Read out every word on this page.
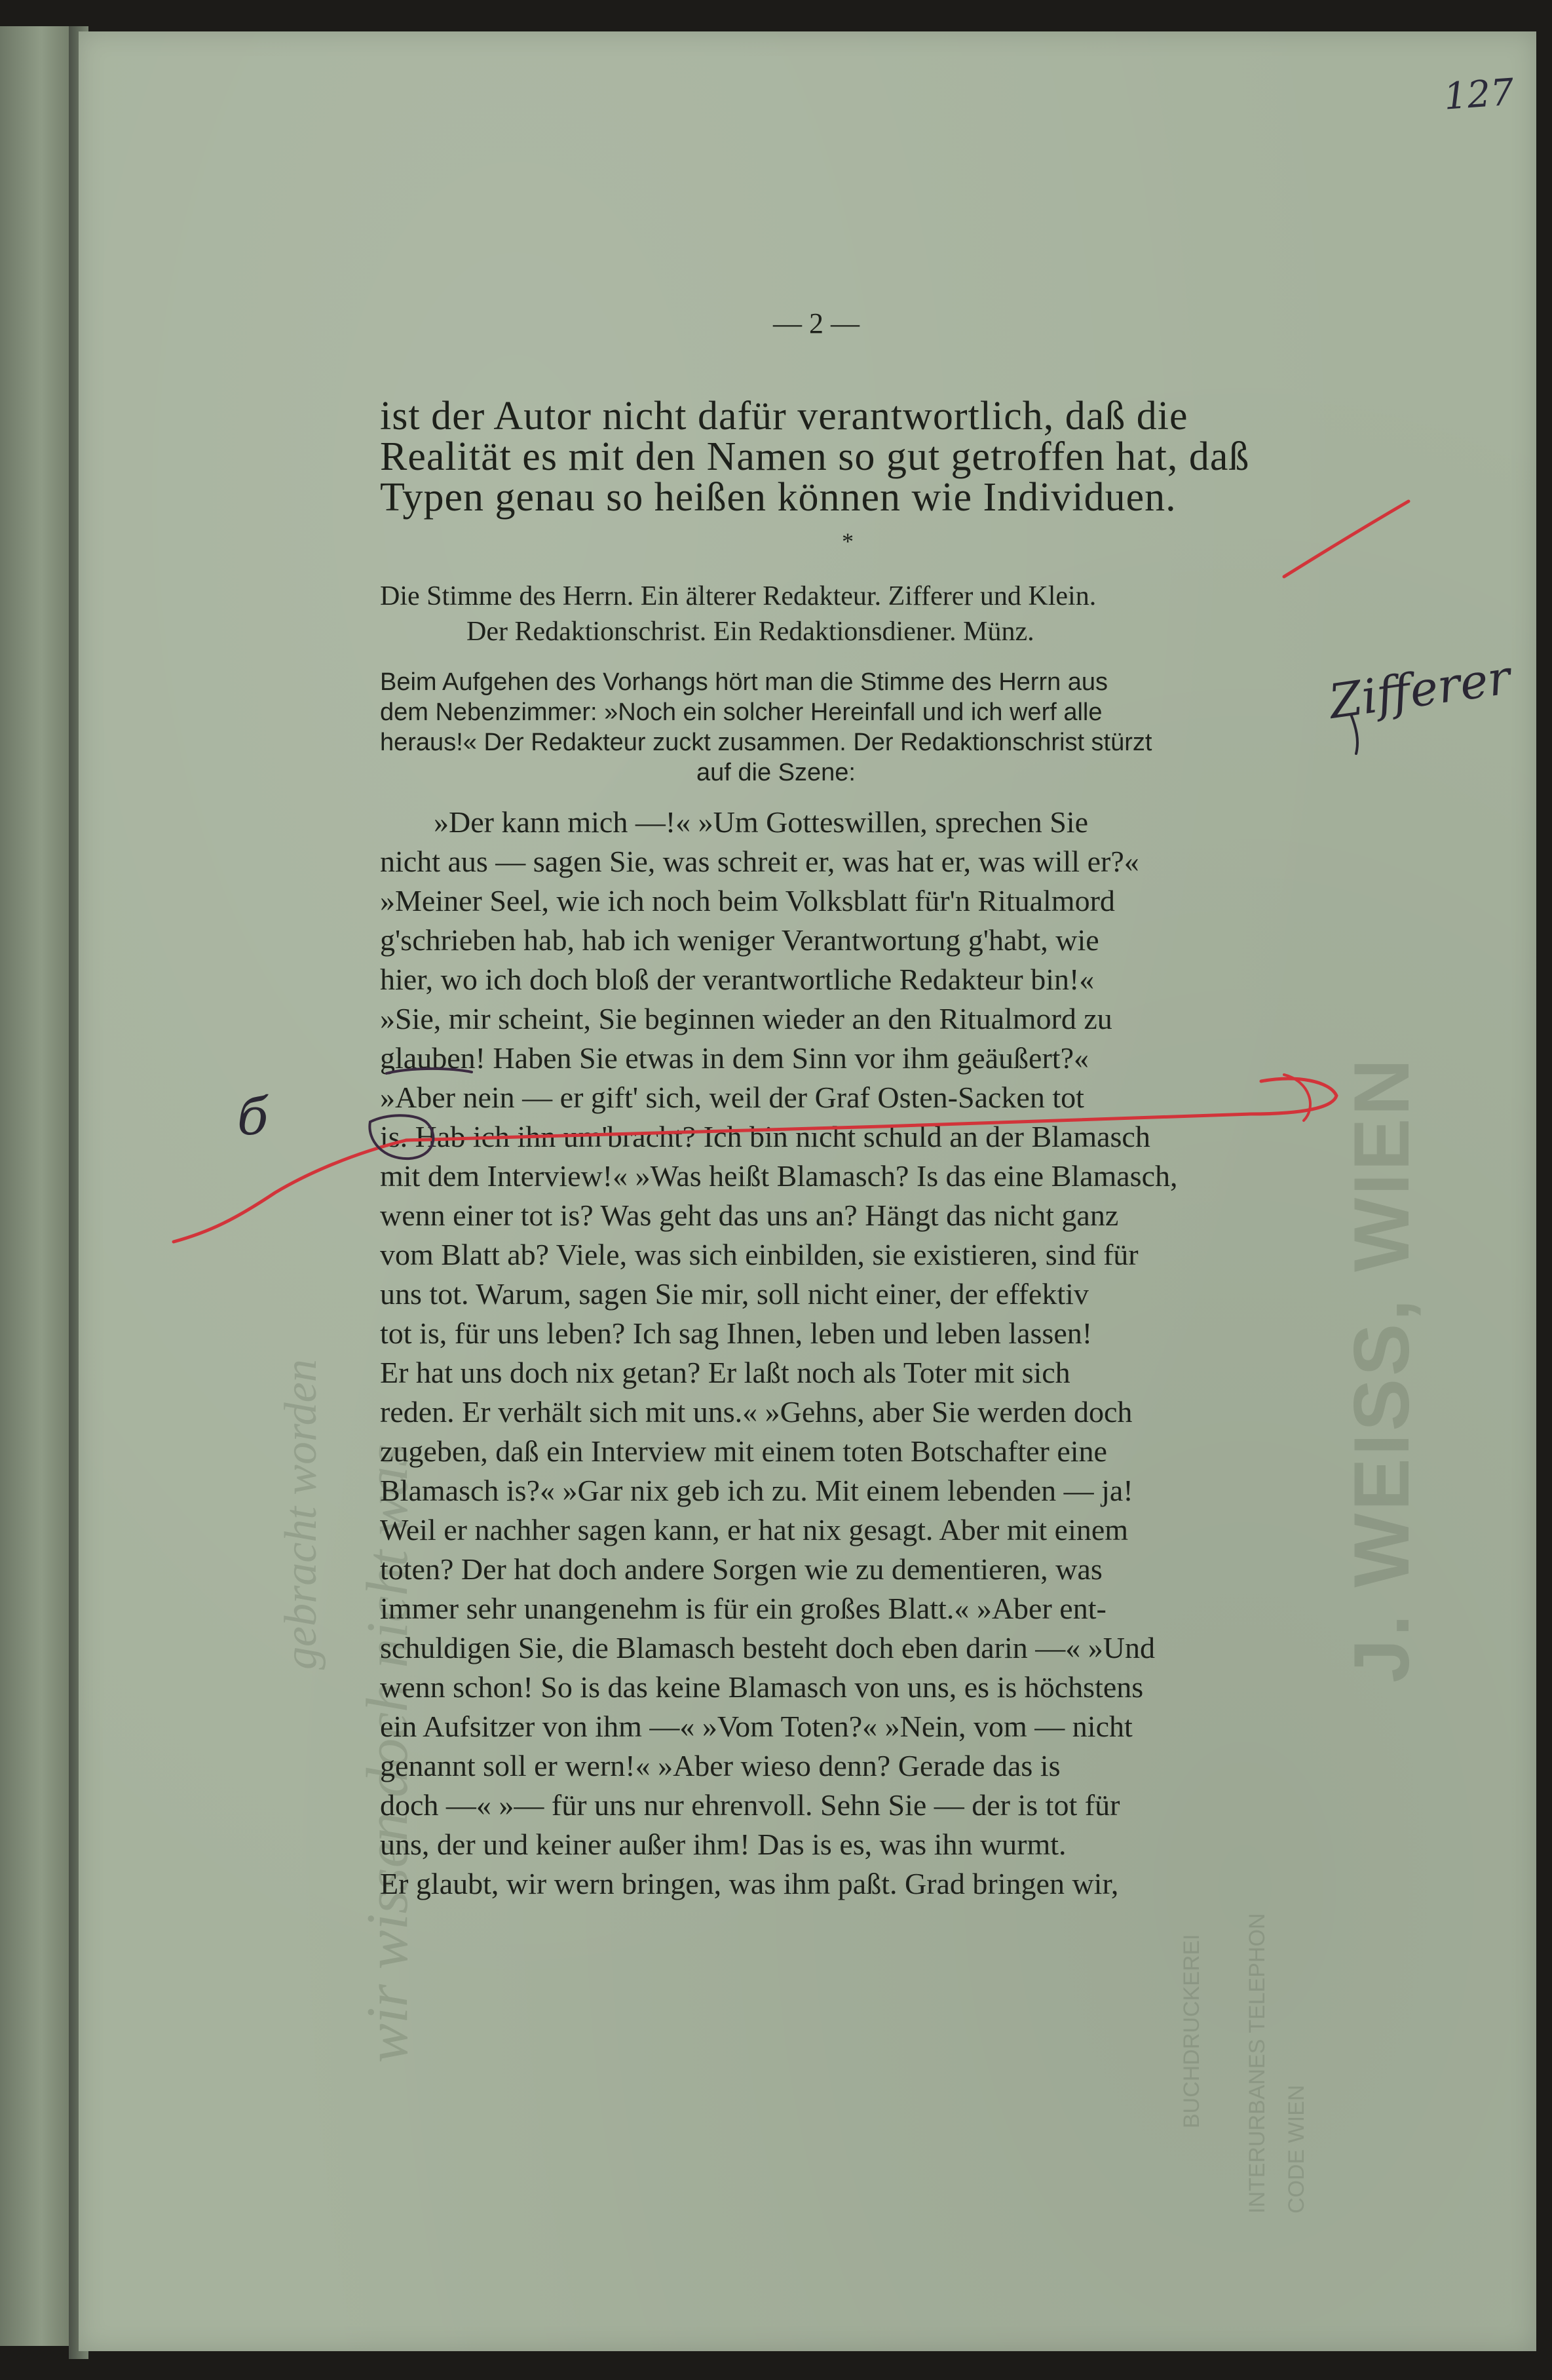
J. WEISS, WIEN
INTERURBANES TELEPHON CODE WIEN
BUCHDRUCKEREI
wir wissen doch nicht was
gebracht worden
127
— 2 —
ist der Autor nicht dafür verantwortlich, daß die
Realität es mit den Namen so gut getroffen hat, daß
Typen genau so heißen können wie Individuen.
*
Die Stimme des Herrn. Ein älterer Redakteur. Zifferer und Klein.
Der Redaktionschrist. Ein Redaktionsdiener. Münz.
Beim Aufgehen des Vorhangs hört man die Stimme des Herrn aus
dem Nebenzimmer: »Noch ein solcher Hereinfall und ich werf alle
heraus!« Der Redakteur zuckt zusammen. Der Redaktionschrist stürzt
auf die Szene:
»Der kann mich —!« »Um Gotteswillen, sprechen Sie
nicht aus — sagen Sie, was schreit er, was hat er, was will er?«
»Meiner Seel, wie ich noch beim Volksblatt für'n Ritualmord
g'schrieben hab, hab ich weniger Verantwortung g'habt, wie
hier, wo ich doch bloß der verantwortliche Redakteur bin!«
»Sie, mir scheint, Sie beginnen wieder an den Ritualmord zu
glauben! Haben Sie etwas in dem Sinn vor ihm geäußert?«
»Aber nein — er gift' sich, weil der Graf Osten-Sacken tot
is. Hab ich ihn um'bracht? Ich bin nicht schuld an der Blamasch
mit dem Interview!« »Was heißt Blamasch? Is das eine Blamasch,
wenn einer tot is? Was geht das uns an? Hängt das nicht ganz
vom Blatt ab? Viele, was sich einbilden, sie existieren, sind für
uns tot. Warum, sagen Sie mir, soll nicht einer, der effektiv
tot is, für uns leben? Ich sag Ihnen, leben und leben lassen!
Er hat uns doch nix getan? Er laßt noch als Toter mit sich
reden. Er verhält sich mit uns.« »Gehns, aber Sie werden doch
zugeben, daß ein Interview mit einem toten Botschafter eine
Blamasch is?« »Gar nix geb ich zu. Mit einem lebenden — ja!
Weil er nachher sagen kann, er hat nix gesagt. Aber mit einem
toten? Der hat doch andere Sorgen wie zu dementieren, was
immer sehr unangenehm is für ein großes Blatt.« »Aber ent-
schuldigen Sie, die Blamasch besteht doch eben darin —« »Und
wenn schon! So is das keine Blamasch von uns, es is höchstens
ein Aufsitzer von ihm —« »Vom Toten?« »Nein, vom — nicht
genannt soll er wern!« »Aber wieso denn? Gerade das is
doch —« »— für uns nur ehrenvoll. Sehn Sie — der is tot für
uns, der und keiner außer ihm! Das is es, was ihn wurmt.
Er glaubt, wir wern bringen, was ihm paßt. Grad bringen wir,
Zifferer
б
